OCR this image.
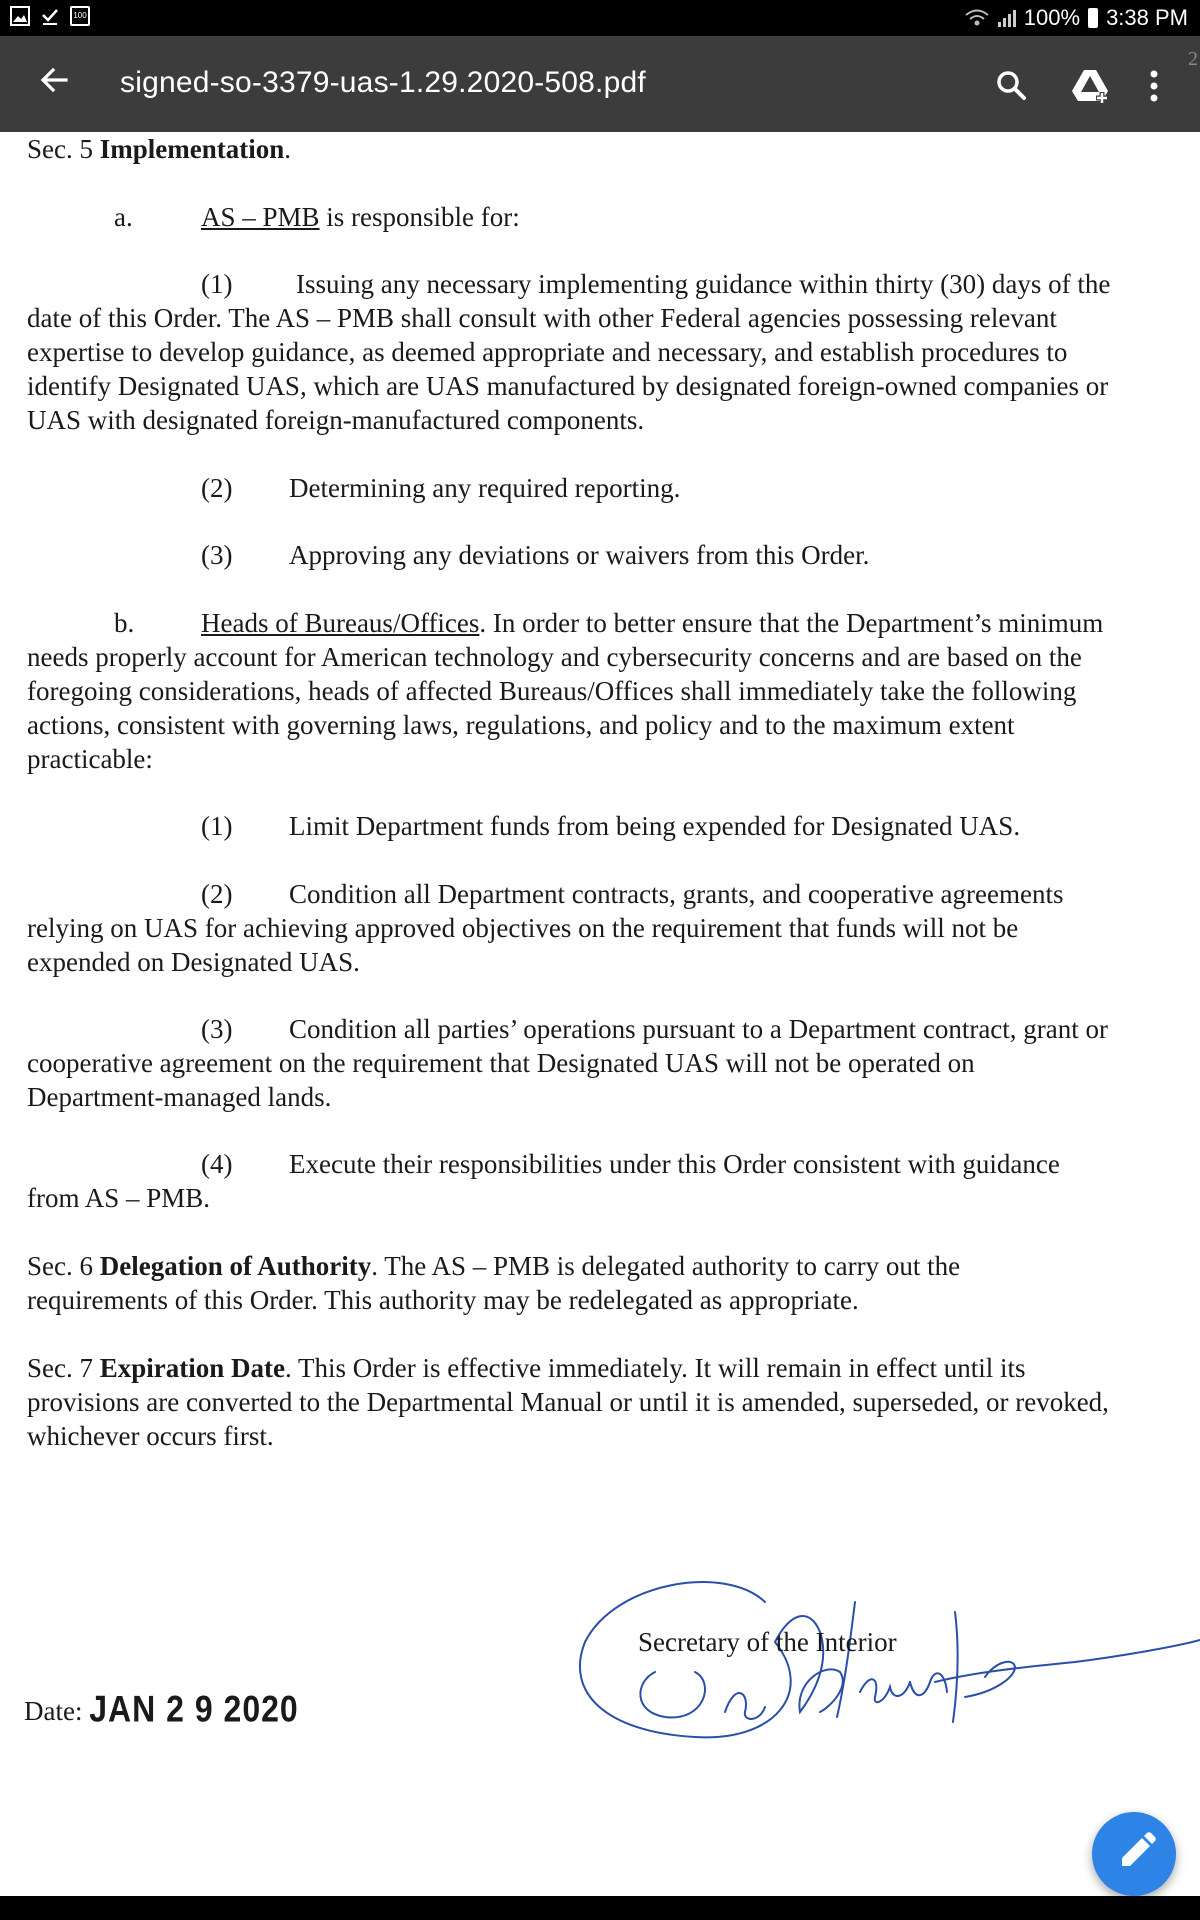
100	100% 3:38 PM
signed-so-3379-uas-1.29.2020-508.pdf
2

Sec. 5 Implementation.

a.	AS – PMB is responsible for:

(1) Issuing any necessary implementing guidance within thirty (30) days of the

date of this Order. The AS – PMB shall consult with other Federal agencies possessing relevant

expertise to develop guidance, as deemed appropriate and necessary, and establish procedures to

identify Designated UAS, which are UAS manufactured by designated foreign-owned companies or

UAS with designated foreign-manufactured components.

(2) Determining any required reporting.

(3) Approving any deviations or waivers from this Order.

b. Heads of Bureaus/Offices. In order to better ensure that the Department’s minimum

needs properly account for American technology and cybersecurity concerns and are based on the

foregoing considerations, heads of affected Bureaus/Offices shall immediately take the following

actions, consistent with governing laws, regulations, and policy and to the maximum extent

practicable:

(1) Limit Department funds from being expended for Designated UAS.

(2) Condition all Department contracts, grants, and cooperative agreements

relying on UAS for achieving approved objectives on the requirement that funds will not be

expended on Designated UAS.

(3) Condition all parties’ operations pursuant to a Department contract, grant or

cooperative agreement on the requirement that Designated UAS will not be operated on

Department-managed lands.

(4) Execute their responsibilities under this Order consistent with guidance

from AS – PMB.

Sec. 6 Delegation of Authority. The AS – PMB is delegated authority to carry out the

requirements of this Order. This authority may be redelegated as appropriate.

Sec. 7 Expiration Date. This Order is effective immediately. It will remain in effect until its

provisions are converted to the Departmental Manual or until it is amended, superseded, or revoked,

whichever occurs first.

Secretary of the Interior

Date: JAN 2 9 2020
